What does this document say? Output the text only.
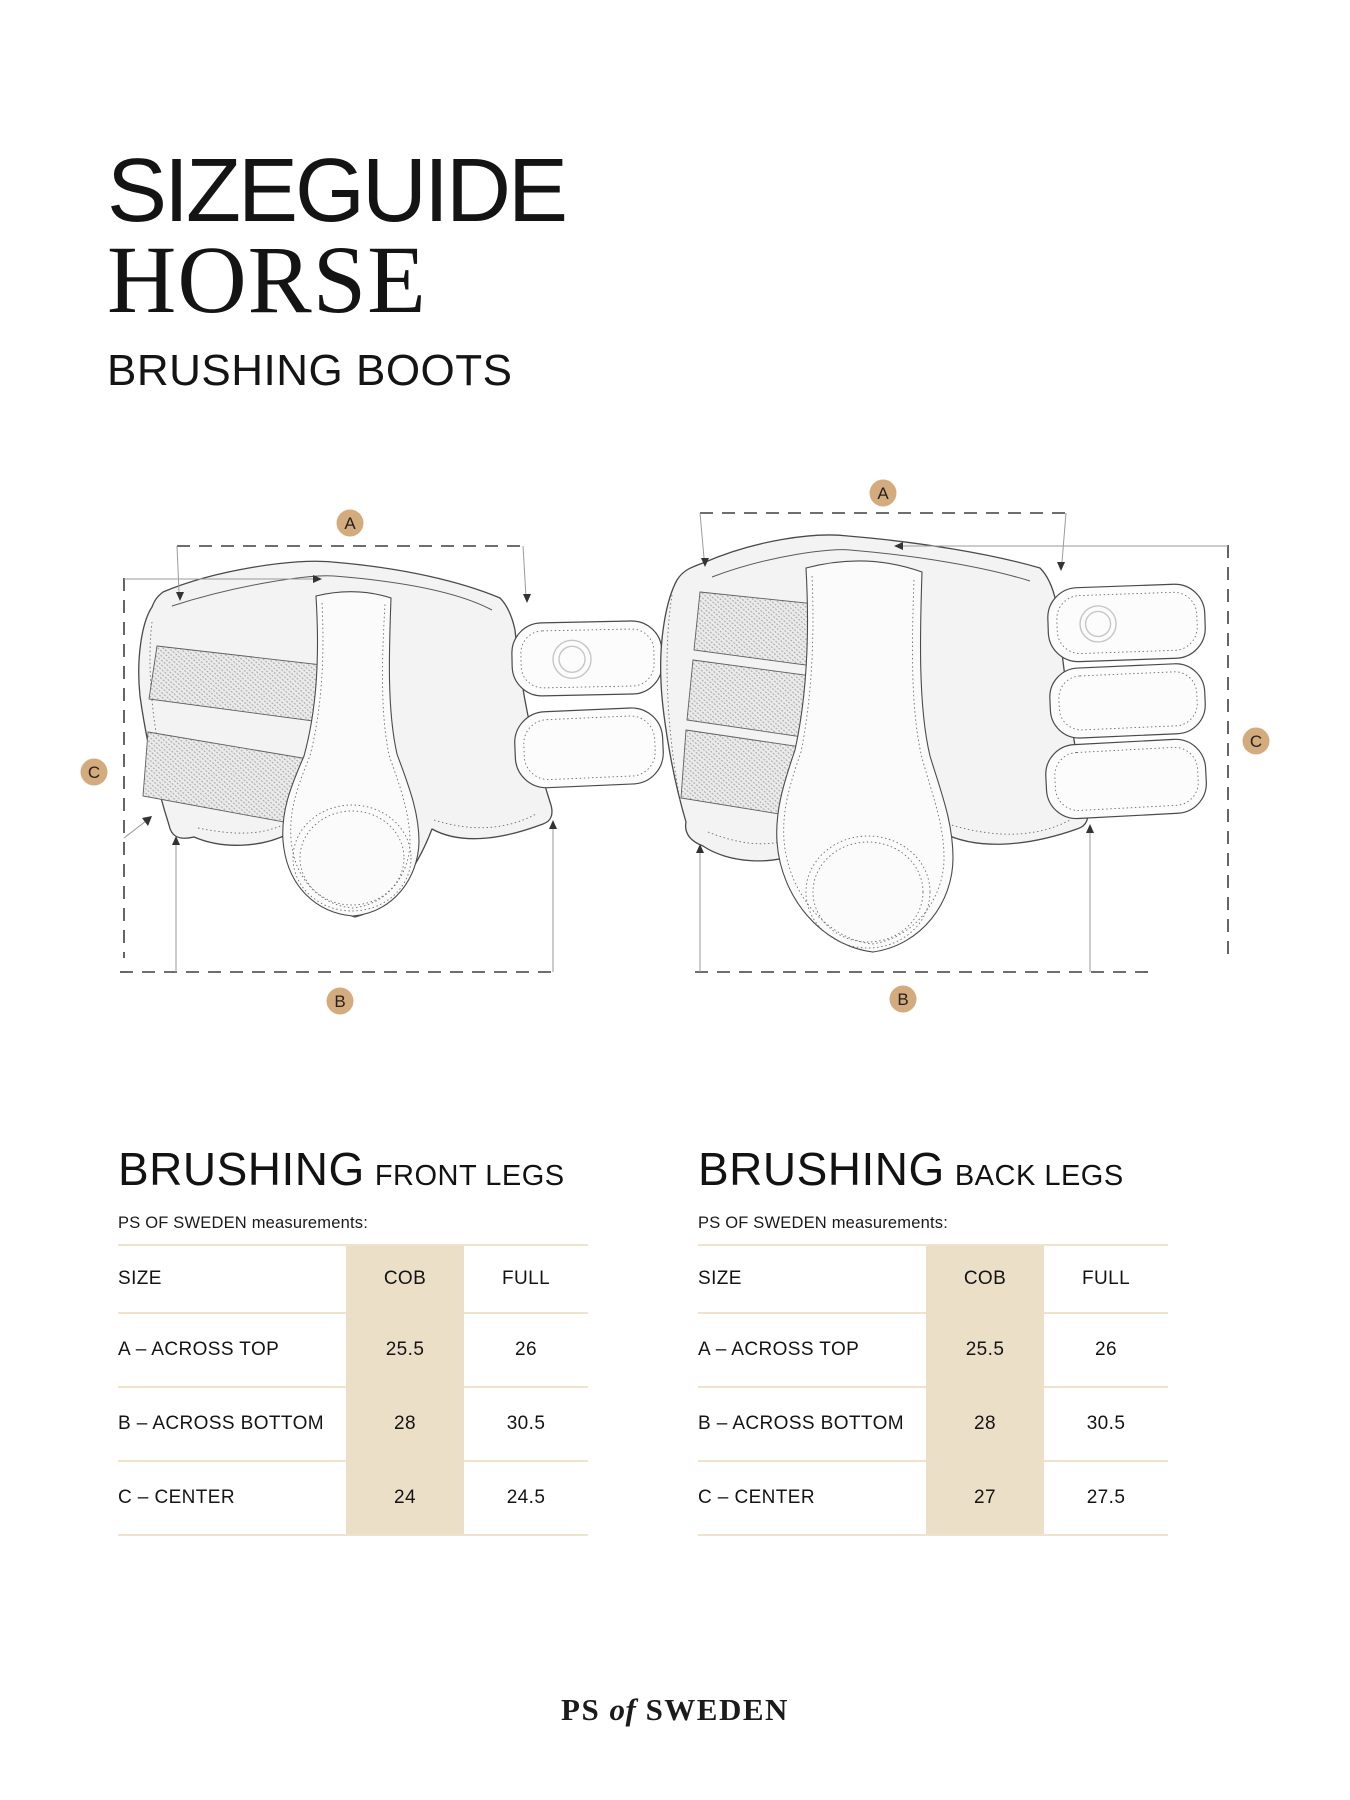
SIZEGUIDE
HORSE
BRUSHING BOOTS
A
C
B
A
C
B
BRUSHING FRONT LEGS
PS OF SWEDEN measurements:
SIZE	COB	FULL
A – ACROSS TOP	25.5	26
B – ACROSS BOTTOM	28	30.5
C – CENTER	24	24.5
BRUSHING BACK LEGS
PS OF SWEDEN measurements:
SIZE	COB	FULL
A – ACROSS TOP	25.5	26
B – ACROSS BOTTOM	28	30.5
C – CENTER	27	27.5
PS of SWEDEN
